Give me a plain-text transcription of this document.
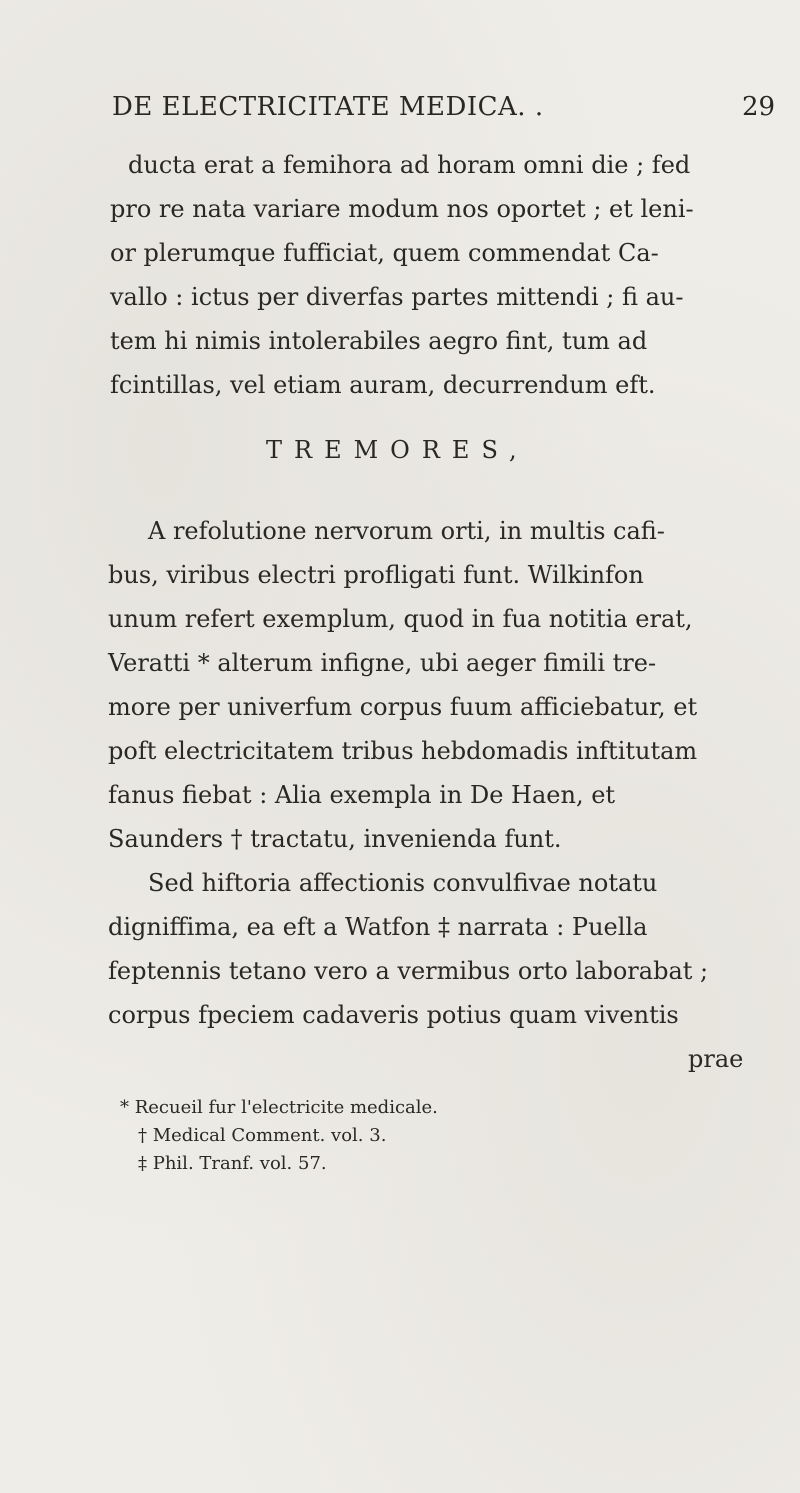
DE ELECTRICITATE MEDICA. .	29
ducta erat a femihora ad horam omni die ; fed
pro re nata variare modum nos oportet ; et leni-
or plerumque fufficiat, quem commendat Ca-
vallo : ictus per diverfas partes mittendi ; fi au-
tem hi nimis intolerabiles aegro fint, tum ad
fcintillas, vel etiam auram, decurrendum eft.
TREMORES,
A refolutione nervorum orti, in multis cafi-
bus, viribus electri profligati funt. Wilkinfon
unum refert exemplum, quod in fua notitia erat,
Veratti * alterum infigne, ubi aeger fimili tre-
more per univerfum corpus fuum afficiebatur, et
poft electricitatem tribus hebdomadis inftitutam
fanus fiebat : Alia exempla in De Haen, et
Saunders † tractatu, invenienda funt.
Sed hiftoria affectionis convulfivae notatu
digniffima, ea eft a Watfon ‡ narrata : Puella
feptennis tetano vero a vermibus orto laborabat ;
corpus fpeciem cadaveris potius quam viventis
prae
* Recueil fur l'electricite medicale.
† Medical Comment. vol. 3.
‡ Phil. Tranf. vol. 57.
